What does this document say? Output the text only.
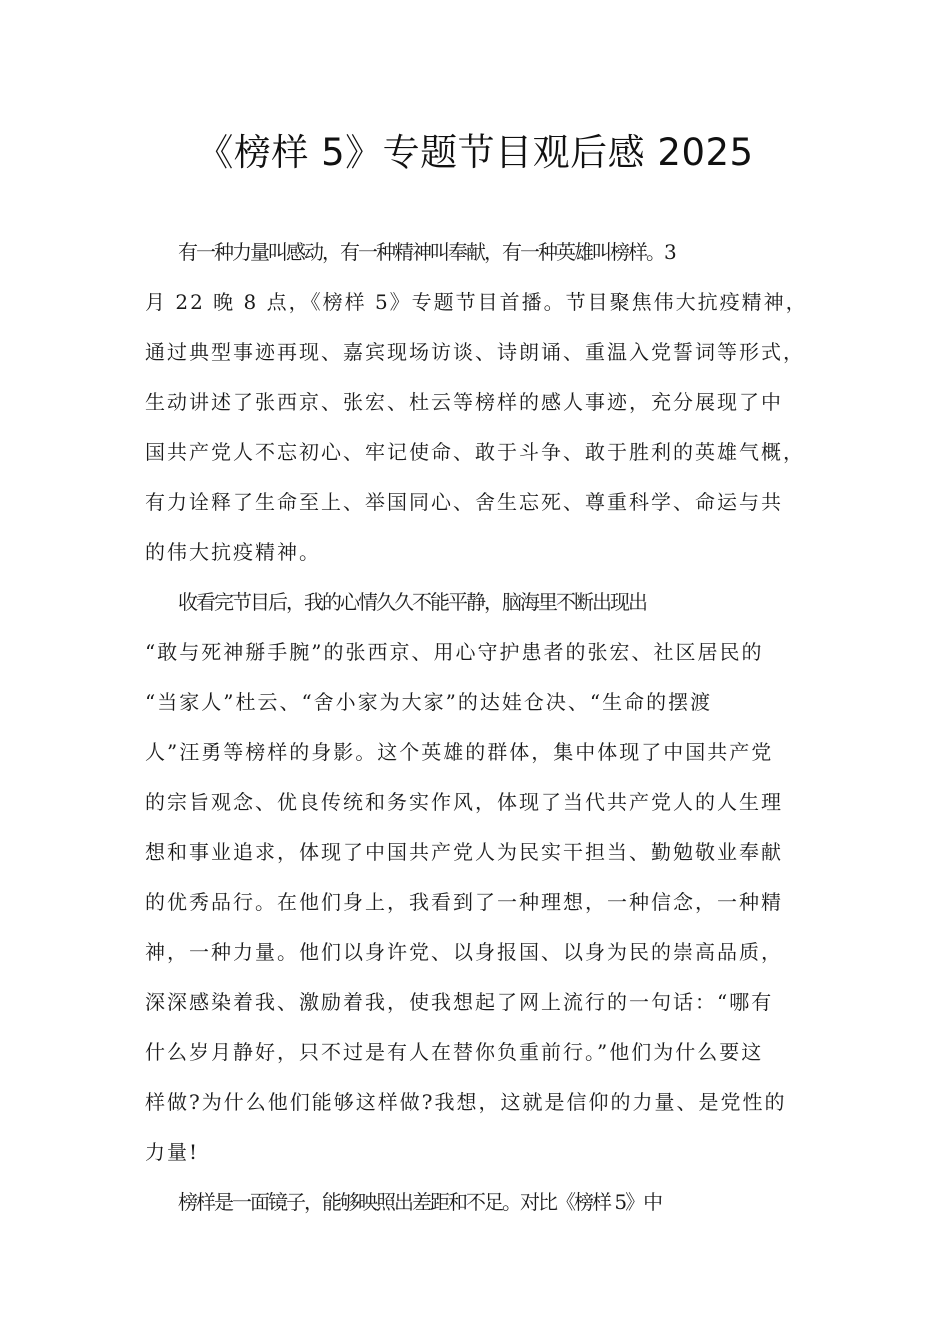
《榜样 5》专题节目观后感 2025

有一种力量叫感动，有一种精神叫奉献，有一种英雄叫榜样。3

月 22 晚 8 点，《榜样 5》专题节目首播。节目聚焦伟大抗疫精神，

通过典型事迹再现、嘉宾现场访谈、诗朗诵、重温入党誓词等形式，

生动讲述了张西京、张宏、杜云等榜样的感人事迹，充分展现了中

国共产党人不忘初心、牢记使命、敢于斗争、敢于胜利的英雄气概，

有力诠释了生命至上、举国同心、舍生忘死、尊重科学、命运与共

的伟大抗疫精神。

收看完节目后，我的心情久久不能平静，脑海里不断出现出

“敢与死神掰手腕”的张西京、用心守护患者的张宏、社区居民的

“当家人”杜云、“舍小家为大家”的达娃仓决、“生命的摆渡

人”汪勇等榜样的身影。这个英雄的群体，集中体现了中国共产党

的宗旨观念、优良传统和务实作风，体现了当代共产党人的人生理

想和事业追求，体现了中国共产党人为民实干担当、勤勉敬业奉献

的优秀品行。在他们身上，我看到了一种理想，一种信念，一种精

神，一种力量。他们以身许党、以身报国、以身为民的崇高品质，

深深感染着我、激励着我，使我想起了网上流行的一句话：“哪有

什么岁月静好，只不过是有人在替你负重前行。”他们为什么要这

样做?为什么他们能够这样做?我想，这就是信仰的力量、是党性的

力量!

榜样是一面镜子，能够映照出差距和不足。对比《榜样 5》中
